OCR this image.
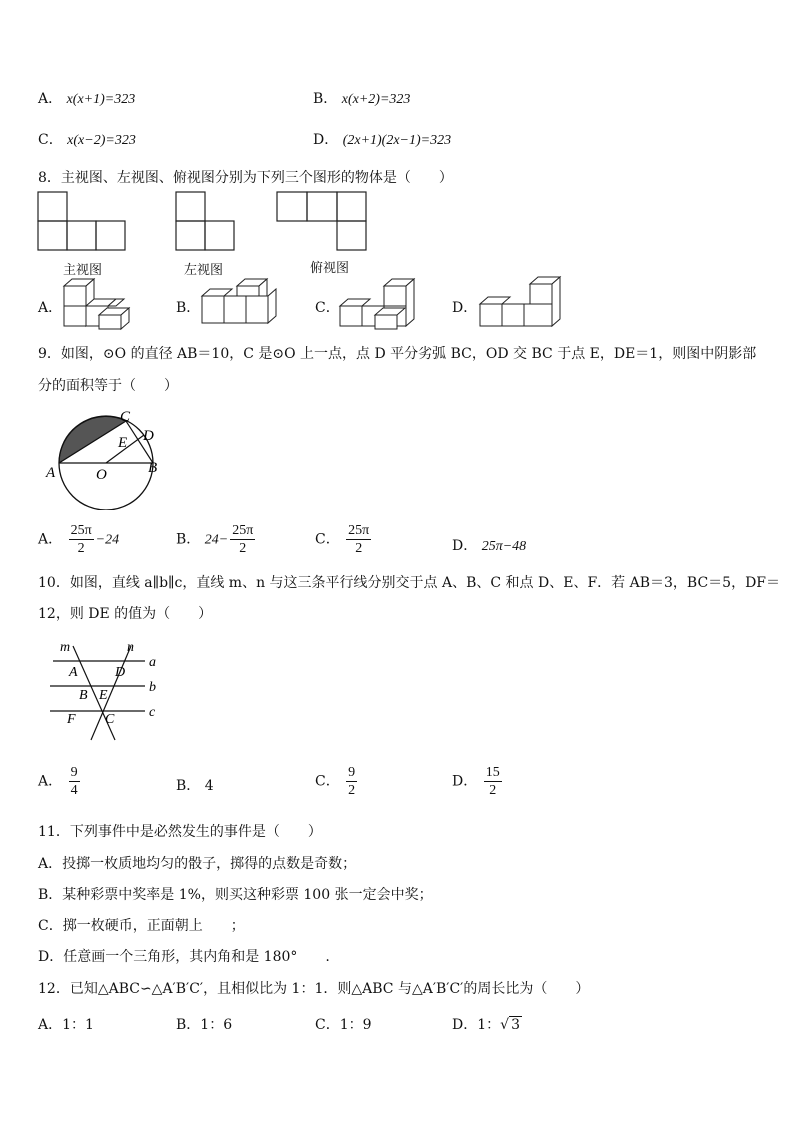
A． x(x+1)=323	B． x(x+2)=323
C． x(x−2)=323	D． (2x+1)(2x−1)=323
8．主视图、左视图、俯视图分别为下列三个图形的物体是（　　）
主视图	左视图	俯视图
A．	B．	C．	D．
9．如图，⊙O 的直径 AB＝10，C 是⊙O 上一点，点 D 平分劣弧 BC，OD 交 BC 于点 E，DE＝1，则图中阴影部
分的面积等于（　　）
A	B
C
D
E
O
A． $\frac{25\pi}{2} -24$	B． $24- \frac{25\pi}{2}$	C． $\frac{25\pi}{2}$	D． 25π−48
10．如图，直线 a∥b∥c，直线 m、n 与这三条平行线分别交于点 A、B、C 和点 D、E、F．若 AB＝3，BC＝5，DF＝
12，则 DE 的值为（　　）
m	n
a
b
c
A	D
B E
F C
A． $\frac{9}{4}$	B． 4	C． $\frac{9}{2}$	D． $\frac{15}{2}$
11．下列事件中是必然发生的事件是（　　）
A．投掷一枚质地均匀的骰子，掷得的点数是奇数；
B．某种彩票中奖率是 1%，则买这种彩票 100 张一定会中奖；
C．掷一枚硬币，正面朝上　　；
D．任意画一个三角形，其内角和是 180°　　.
12．已知△ABC∽△A′B′C′，且相似比为 1：1．则△ABC 与△A′B′C′的周长比为（　　）
A．1：1	B．1：6	C．1：9	D．1：√ 3
